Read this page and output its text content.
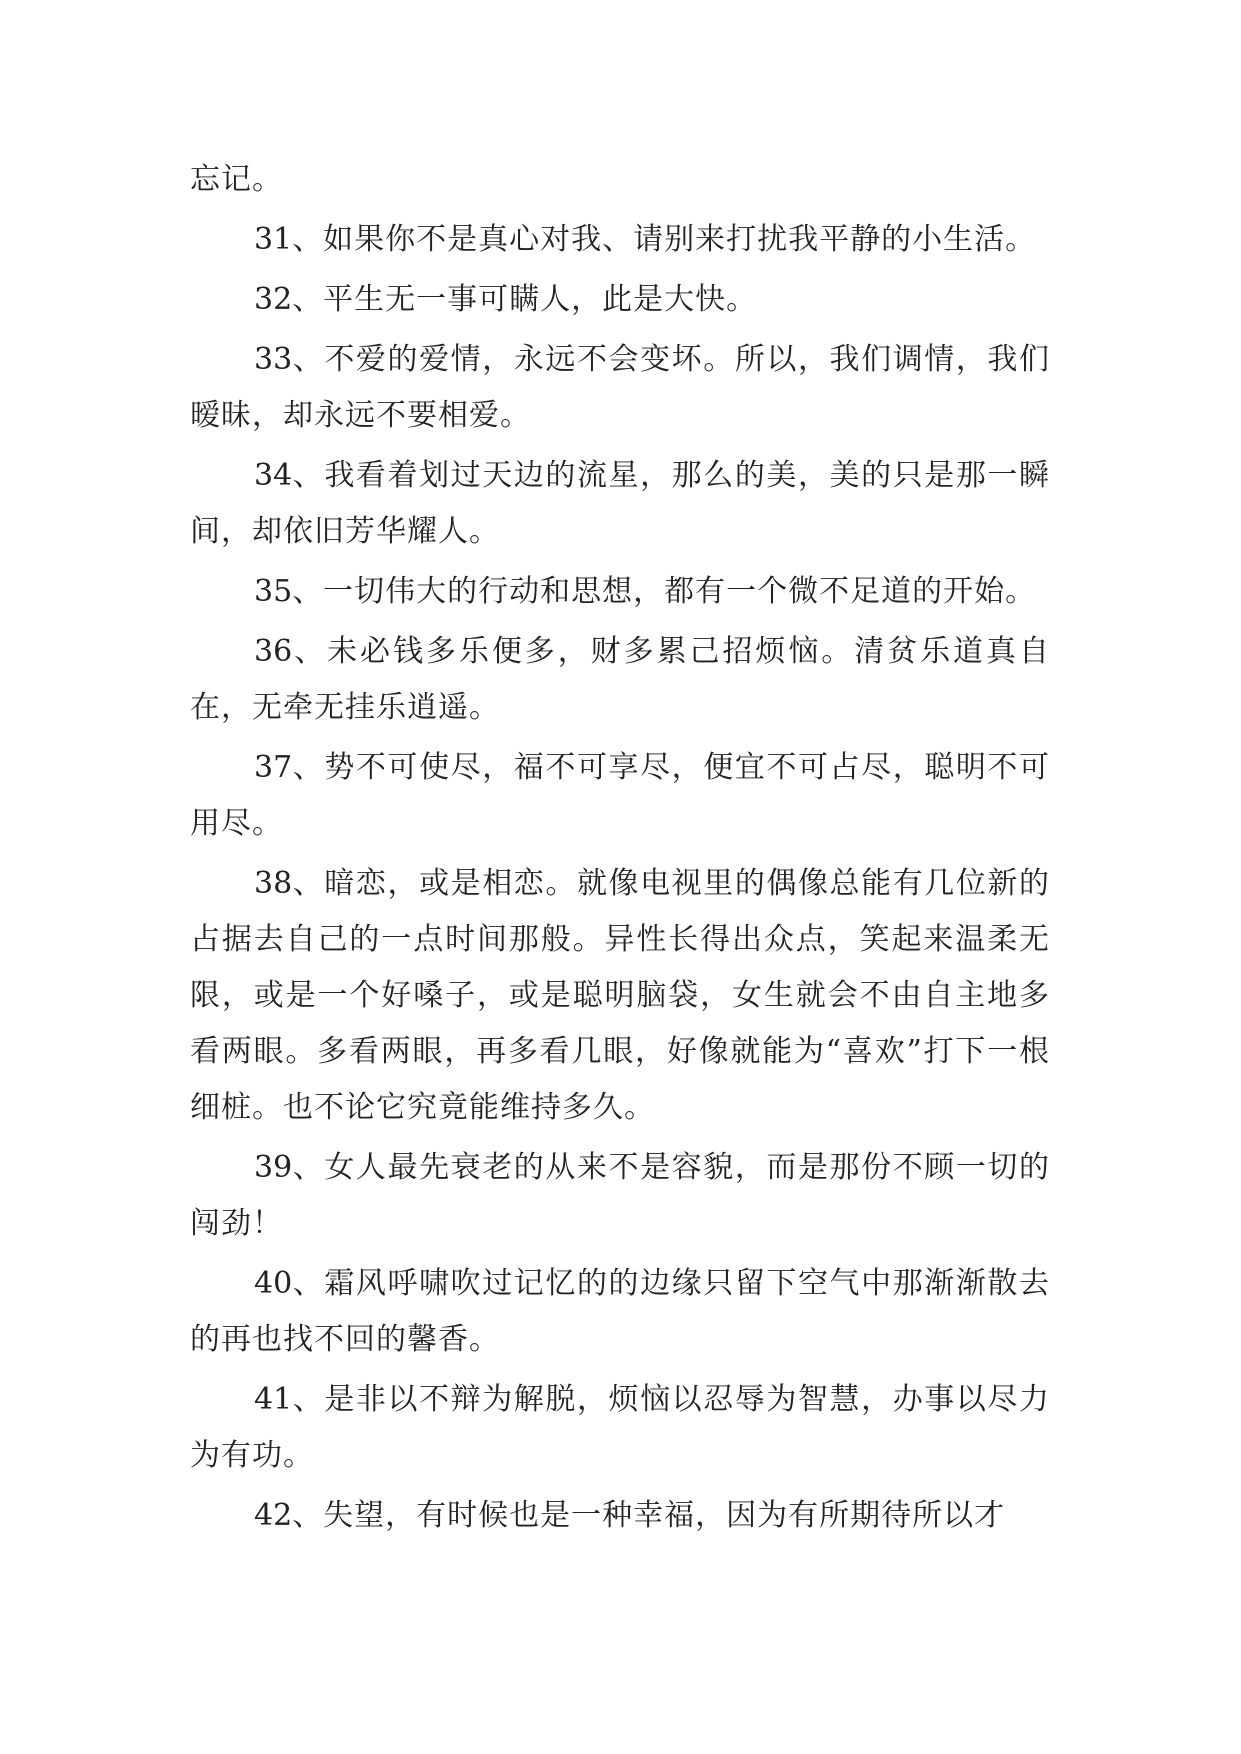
忘记。

31、如果你不是真心对我、请别来打扰我平静的小生活。

32、平生无一事可瞒人，此是大快。

33、不爱的爱情，永远不会变坏。所以，我们调情，我们暧昧，却永远不要相爱。

34、我看着划过天边的流星，那么的美，美的只是那一瞬间，却依旧芳华耀人。

35、一切伟大的行动和思想，都有一个微不足道的开始。

36、未必钱多乐便多，财多累己招烦恼。清贫乐道真自在，无牵无挂乐逍遥。

37、势不可使尽，福不可享尽，便宜不可占尽，聪明不可用尽。

38、暗恋，或是相恋。就像电视里的偶像总能有几位新的占据去自己的一点时间那般。异性长得出众点，笑起来温柔无限，或是一个好嗓子，或是聪明脑袋，女生就会不由自主地多看两眼。多看两眼，再多看几眼，好像就能为“喜欢”打下一根细桩。也不论它究竟能维持多久。

39、女人最先衰老的从来不是容貌，而是那份不顾一切的闯劲！

40、霜风呼啸吹过记忆的的边缘只留下空气中那渐渐散去的再也找不回的馨香。

41、是非以不辩为解脱，烦恼以忍辱为智慧，办事以尽力为有功。

42、失望，有时候也是一种幸福，因为有所期待所以才
